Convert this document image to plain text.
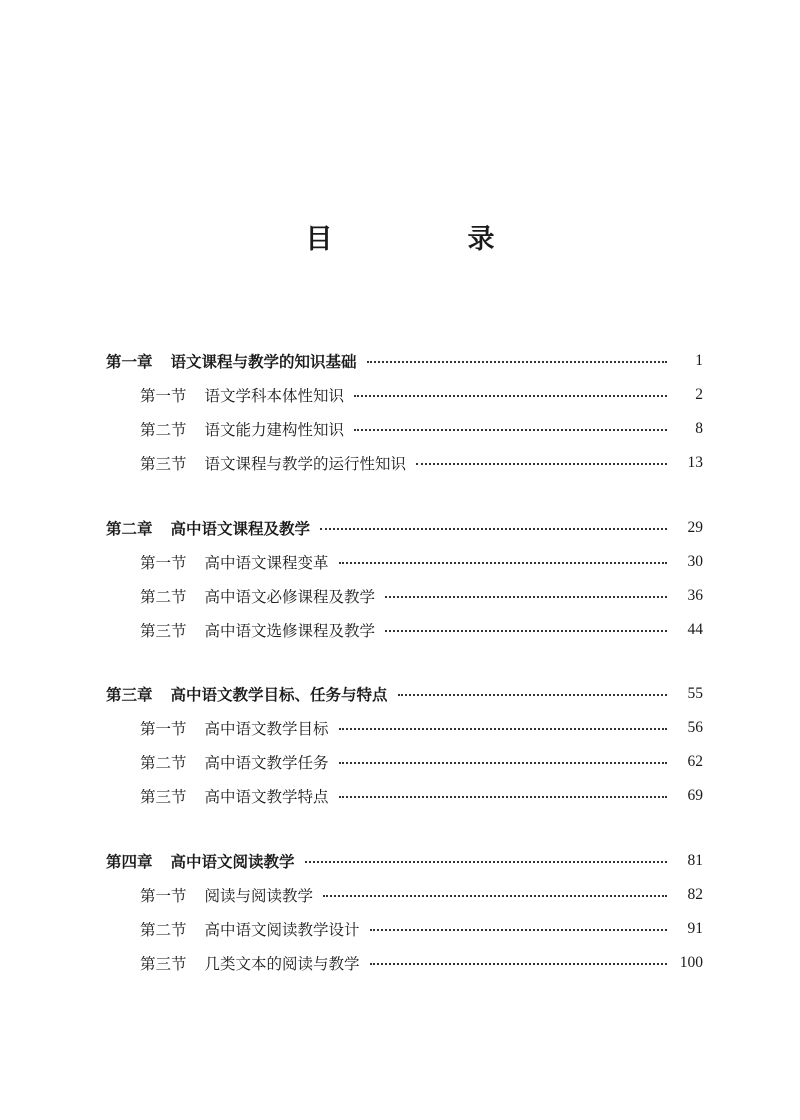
目　录
第一章 语文课程与教学的知识基础	1
第一节 语文学科本体性知识	2
第二节 语文能力建构性知识	8
第三节 语文课程与教学的运行性知识	13
第二章 高中语文课程及教学	29
第一节 高中语文课程变革	30
第二节 高中语文必修课程及教学	36
第三节 高中语文选修课程及教学	44
第三章 高中语文教学目标、任务与特点	55
第一节 高中语文教学目标	56
第二节 高中语文教学任务	62
第三节 高中语文教学特点	69
第四章 高中语文阅读教学	81
第一节 阅读与阅读教学	82
第二节 高中语文阅读教学设计	91
第三节 几类文本的阅读与教学	100
